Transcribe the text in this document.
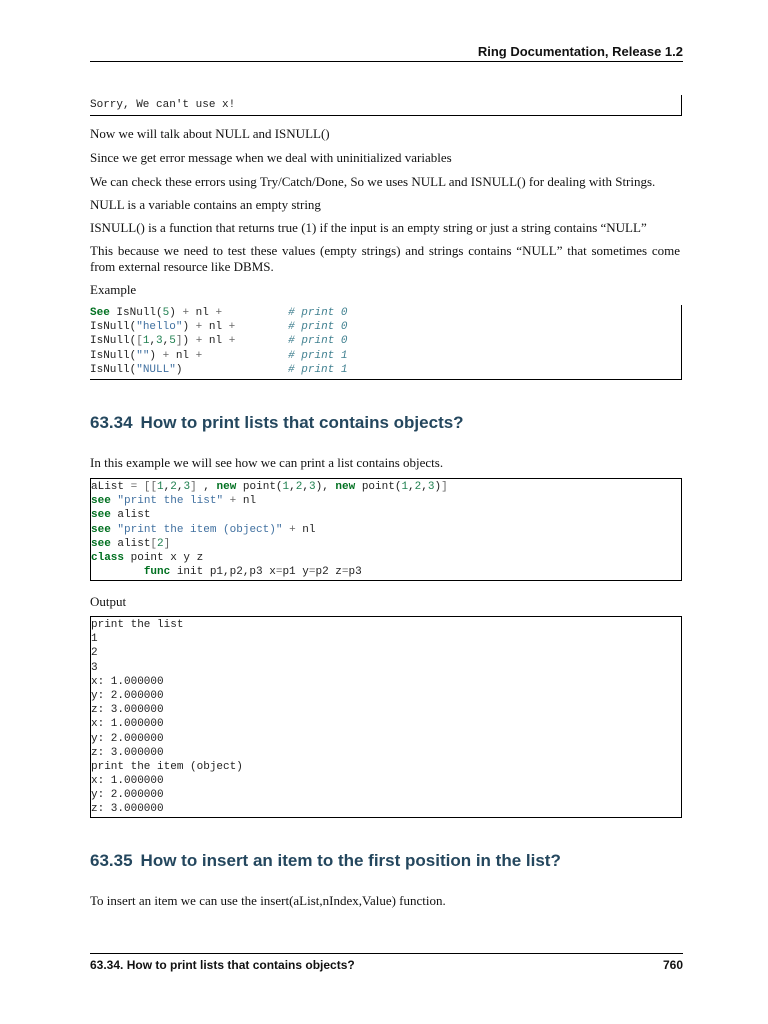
Ring Documentation, Release 1.2
Sorry, We can't use x!
Now we will talk about NULL and ISNULL()
Since we get error message when we deal with uninitialized variables
We can check these errors using Try/Catch/Done, So we uses NULL and ISNULL() for dealing with Strings.
NULL is a variable contains an empty string
ISNULL() is a function that returns true (1) if the input is an empty string or just a string contains “NULL”
This because we need to test these values (empty strings) and strings contains “NULL” that sometimes come from external resource like DBMS.
Example
See IsNull(5) + nl +	# print 0
IsNull("hello") + nl +	# print 0
IsNull([1,3,5]) + nl +	# print 0
IsNull("") + nl +	# print 1
IsNull("NULL")                # print 1
63.34 How to print lists that contains objects?
In this example we will see how we can print a list contains objects.
aList = [[1,2,3] , new point(1,2,3), new point(1,2,3)]
see "print the list" + nl
see alist
see "print the item (object)" + nl
see alist[2]
class point x y z
func init p1,p2,p3 x=p1 y=p2 z=p3
Output
print the list
1
2
3
x: 1.000000
y: 2.000000
z: 3.000000
x: 1.000000
y: 2.000000
z: 3.000000
print the item (object)
x: 1.000000
y: 2.000000
z: 3.000000
63.35 How to insert an item to the first position in the list?
To insert an item we can use the insert(aList,nIndex,Value) function.
63.34. How to print lists that contains objects?	760
